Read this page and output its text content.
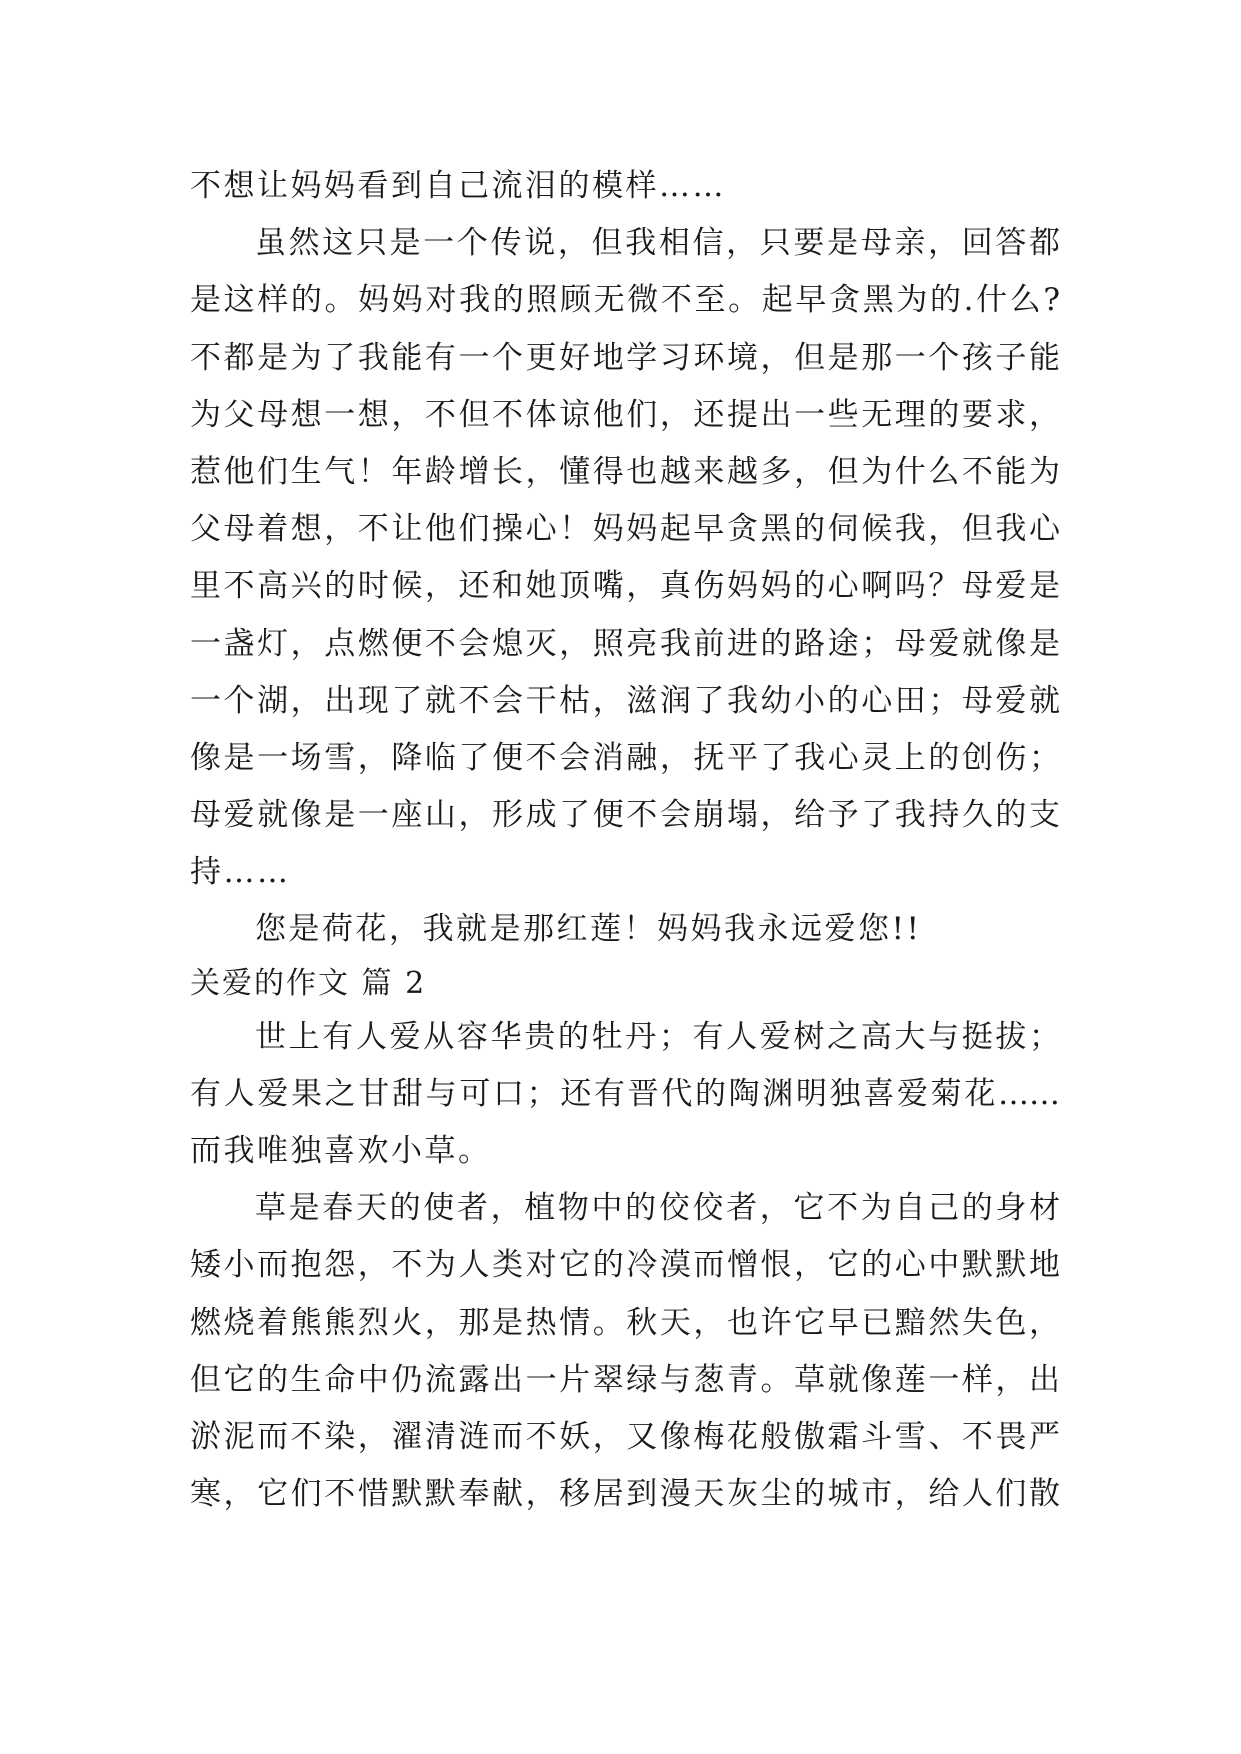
不想让妈妈看到自己流泪的模样……
虽然这只是一个传说，但我相信，只要是母亲，回答都
是这样的。妈妈对我的照顾无微不至。起早贪黑为的.什么?
不都是为了我能有一个更好地学习环境，但是那一个孩子能
为父母想一想，不但不体谅他们，还提出一些无理的要求，
惹他们生气！年龄增长，懂得也越来越多，但为什么不能为
父母着想，不让他们操心！妈妈起早贪黑的伺候我，但我心
里不高兴的时候，还和她顶嘴，真伤妈妈的心啊吗？母爱是
一盏灯，点燃便不会熄灭，照亮我前进的路途；母爱就像是
一个湖，出现了就不会干枯，滋润了我幼小的心田；母爱就
像是一场雪，降临了便不会消融，抚平了我心灵上的创伤；
母爱就像是一座山，形成了便不会崩塌，给予了我持久的支
持……
您是荷花，我就是那红莲！妈妈我永远爱您!!
关爱的作文 篇 2
世上有人爱从容华贵的牡丹；有人爱树之高大与挺拔；
有人爱果之甘甜与可口；还有晋代的陶渊明独喜爱菊花……
而我唯独喜欢小草。
草是春天的使者，植物中的佼佼者，它不为自己的身材
矮小而抱怨，不为人类对它的冷漠而憎恨，它的心中默默地
燃烧着熊熊烈火，那是热情。秋天，也许它早已黯然失色，
但它的生命中仍流露出一片翠绿与葱青。草就像莲一样，出
淤泥而不染，濯清涟而不妖，又像梅花般傲霜斗雪、不畏严
寒，它们不惜默默奉献，移居到漫天灰尘的城市，给人们散
